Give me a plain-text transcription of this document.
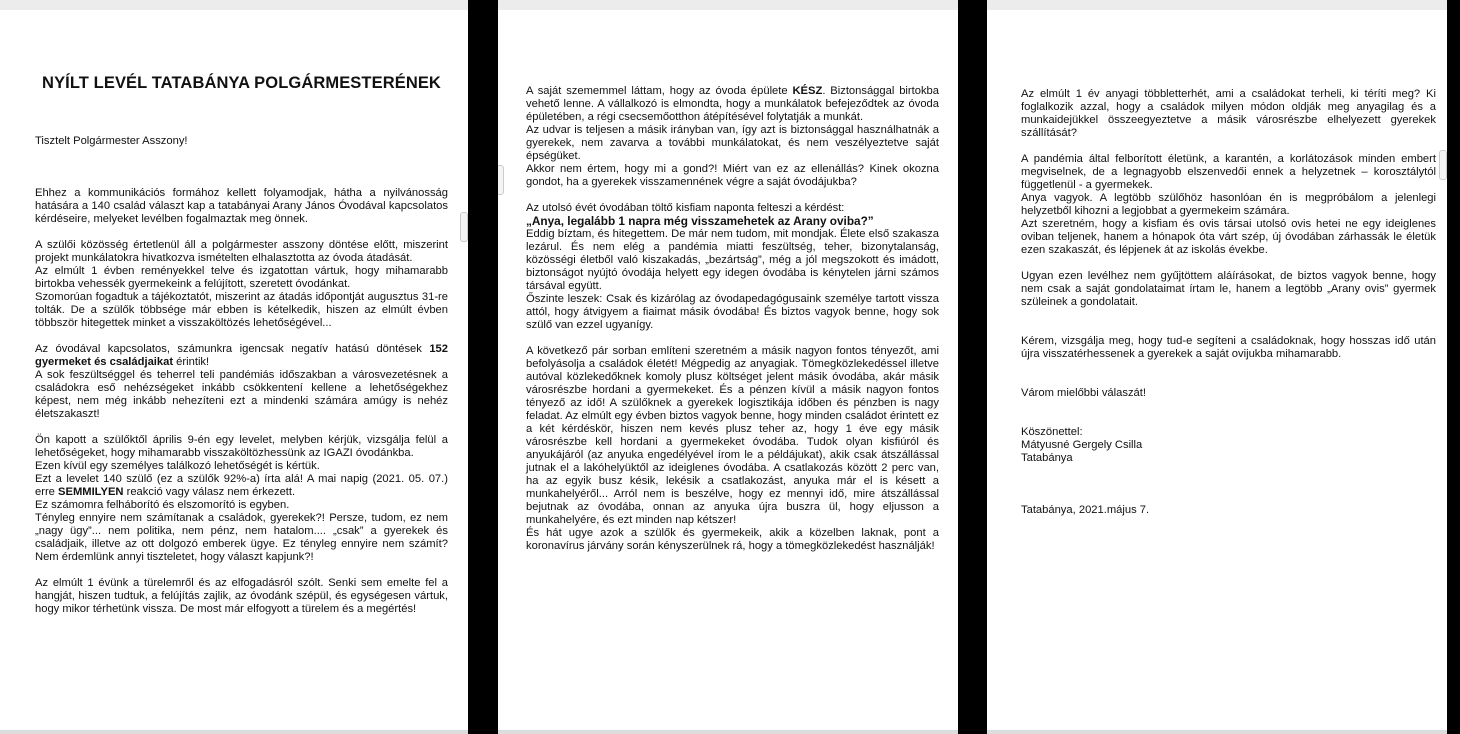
NYÍLT LEVÉL TATABÁNYA POLGÁRMESTERÉNEK

Tisztelt Polgármester Asszony!

Ehhez a kommunikációs formához kellett folyamodjak, hátha a nyilvánosság hatására a 140 család választ kap a tatabányai Arany János Óvodával kapcsolatos kérdéseire, melyeket levélben fogalmaztak meg önnek.

A szülői közösség értetlenül áll a polgármester asszony döntése előtt, miszerint projekt munkálatokra hivatkozva ismételten elhalasztotta az óvoda átadását.

Az elmúlt 1 évben reményekkel telve és izgatottan vártuk, hogy mihamarabb birtokba vehessék gyermekeink a felújított, szeretett óvodánkat.

Szomorúan fogadtuk a tájékoztatót, miszerint az átadás időpontját augusztus 31-re tolták. De a szülők többsége már ebben is kételkedik, hiszen az elmúlt évben többször hitegettek minket a visszaköltözés lehetőségével...

Az óvodával kapcsolatos, számunkra igencsak negatív hatású döntések 152 gyermeket és családjaikat érintik!

A sok feszültséggel és teherrel teli pandémiás időszakban a városvezetésnek a családokra eső nehézségeket inkább csökkentení kellene a lehetőségekhez képest, nem még inkább nehezíteni ezt a mindenki számára amúgy is nehéz életszakaszt!

Ön kapott a szülőktől április 9-én egy levelet, melyben kérjük, vizsgálja felül a lehetőségeket, hogy mihamarabb visszaköltözhessünk az IGAZI óvodánkba.

Ezen kívül egy személyes találkozó lehetőségét is kértük.

Ezt a levelet 140 szülő (ez a szülők 92%-a) írta alá! A mai napig (2021. 05. 07.) erre SEMMILYEN reakció vagy válasz nem érkezett.

Ez számomra felháborító és elszomorító is egyben.

Tényleg ennyire nem számítanak a családok, gyerekek?! Persze, tudom, ez nem „nagy ügy”... nem politika, nem pénz, nem hatalom.... „csak” a gyerekek és családjaik, illetve az ott dolgozó emberek ügye. Ez tényleg ennyire nem számít? Nem érdemlünk annyi tiszteletet, hogy választ kapjunk?!

Az elmúlt 1 évünk a türelemről és az elfogadásról szólt. Senki sem emelte fel a hangját, hiszen tudtuk, a felújítás zajlik, az óvodánk szépül, és egységesen vártuk, hogy mikor térhetünk vissza. De most már elfogyott a türelem és a megértés!

A saját szememmel láttam, hogy az óvoda épülete KÉSZ. Biztonsággal birtokba vehető lenne. A vállalkozó is elmondta, hogy a munkálatok befejeződtek az óvoda épületében, a régi csecsemőotthon átépítésével folytatják a munkát.

Az udvar is teljesen a másik irányban van, így azt is biztonsággal használhatnák a gyerekek, nem zavarva a további munkálatokat, és nem veszélyeztetve saját épségüket.

Akkor nem értem, hogy mi a gond?! Miért van ez az ellenállás? Kinek okozna gondot, ha a gyerekek visszamennének végre a saját óvodájukba?

Az utolsó évét óvodában töltő kisfiam naponta felteszi a kérdést:

„Anya, legalább 1 napra még visszamehetek az Arany oviba?”

Eddig bíztam, és hitegettem. De már nem tudom, mit mondjak. Élete első szakasza lezárul. És nem elég a pandémia miatti feszültség, teher, bizonytalanság, közösségi életből való kiszakadás, „bezártság”, még a jól megszokott és imádott, biztonságot nyújtó óvodája helyett egy idegen óvodába is kénytelen járni számos társával együtt.

Őszinte leszek: Csak és kizárólag az óvodapedagógusaink személye tartott vissza attól, hogy átvigyem a fiaimat másik óvodába! És biztos vagyok benne, hogy sok szülő van ezzel ugyanígy.

A következő pár sorban említeni szeretném a másik nagyon fontos tényezőt, ami befolyásolja a családok életét! Mégpedig az anyagiak. Tömegközlekedéssel illetve autóval közlekedőknek komoly plusz költséget jelent másik óvodába, akár másik városrészbe hordani a gyermekeket. És a pénzen kívül a másik nagyon fontos tényező az idő! A szülőknek a gyerekek logisztikája időben és pénzben is nagy feladat. Az elmúlt egy évben biztos vagyok benne, hogy minden családot érintett ez a két kérdéskör, hiszen nem kevés plusz teher az, hogy 1 éve egy másik városrészbe kell hordani a gyermekeket óvodába. Tudok olyan kisfiúról és anyukájáról (az anyuka engedélyével írom le a példájukat), akik csak átszállással jutnak el a lakóhelyüktől az ideiglenes óvodába. A csatlakozás között 2 perc van, ha az egyik busz késik, lekésik a csatlakozást, anyuka már el is késett a munkahelyéről... Arról nem is beszélve, hogy ez mennyi idő, mire átszállással bejutnak az óvodába, onnan az anyuka újra buszra ül, hogy eljusson a munkahelyére, és ezt minden nap kétszer!

És hát ugye azok a szülők és gyermekeik, akik a közelben laknak, pont a koronavírus járvány során kényszerülnek rá, hogy a tömegközlekedést használják!

Az elmúlt 1 év anyagi többletterhét, ami a családokat terheli, ki téríti meg? Ki foglalkozik azzal, hogy a családok milyen módon oldják meg anyagilag és a munkaidejükkel összeegyeztetve a másik városrészbe elhelyezett gyerekek szállítását?

A pandémia által felborított életünk, a karantén, a korlátozások minden embert megviselnek, de a legnagyobb elszenvedői ennek a helyzetnek – korosztálytól függetlenül - a gyermekek.

Anya vagyok. A legtöbb szülőhöz hasonlóan én is megpróbálom a jelenlegi helyzetből kihozni a legjobbat a gyermekeim számára.

Azt szeretném, hogy a kisfiam és ovis társai utolsó ovis hetei ne egy ideiglenes oviban teljenek, hanem a hónapok óta várt szép, új óvodában zárhassák le életük ezen szakaszát, és lépjenek át az iskolás évekbe.

Ugyan ezen levélhez nem gyűjtöttem aláírásokat, de biztos vagyok benne, hogy nem csak a saját gondolataimat írtam le, hanem a legtöbb „Arany ovis” gyermek szüleinek a gondolatait.

Kérem, vizsgálja meg, hogy tud-e segíteni a családoknak, hogy hosszas idő után újra visszatérhessenek a gyerekek a saját ovijukba mihamarabb.

Várom mielőbbi válaszát!

Köszönettel:

Mátyusné Gergely Csilla

Tatabánya

Tatabánya, 2021.május 7.
